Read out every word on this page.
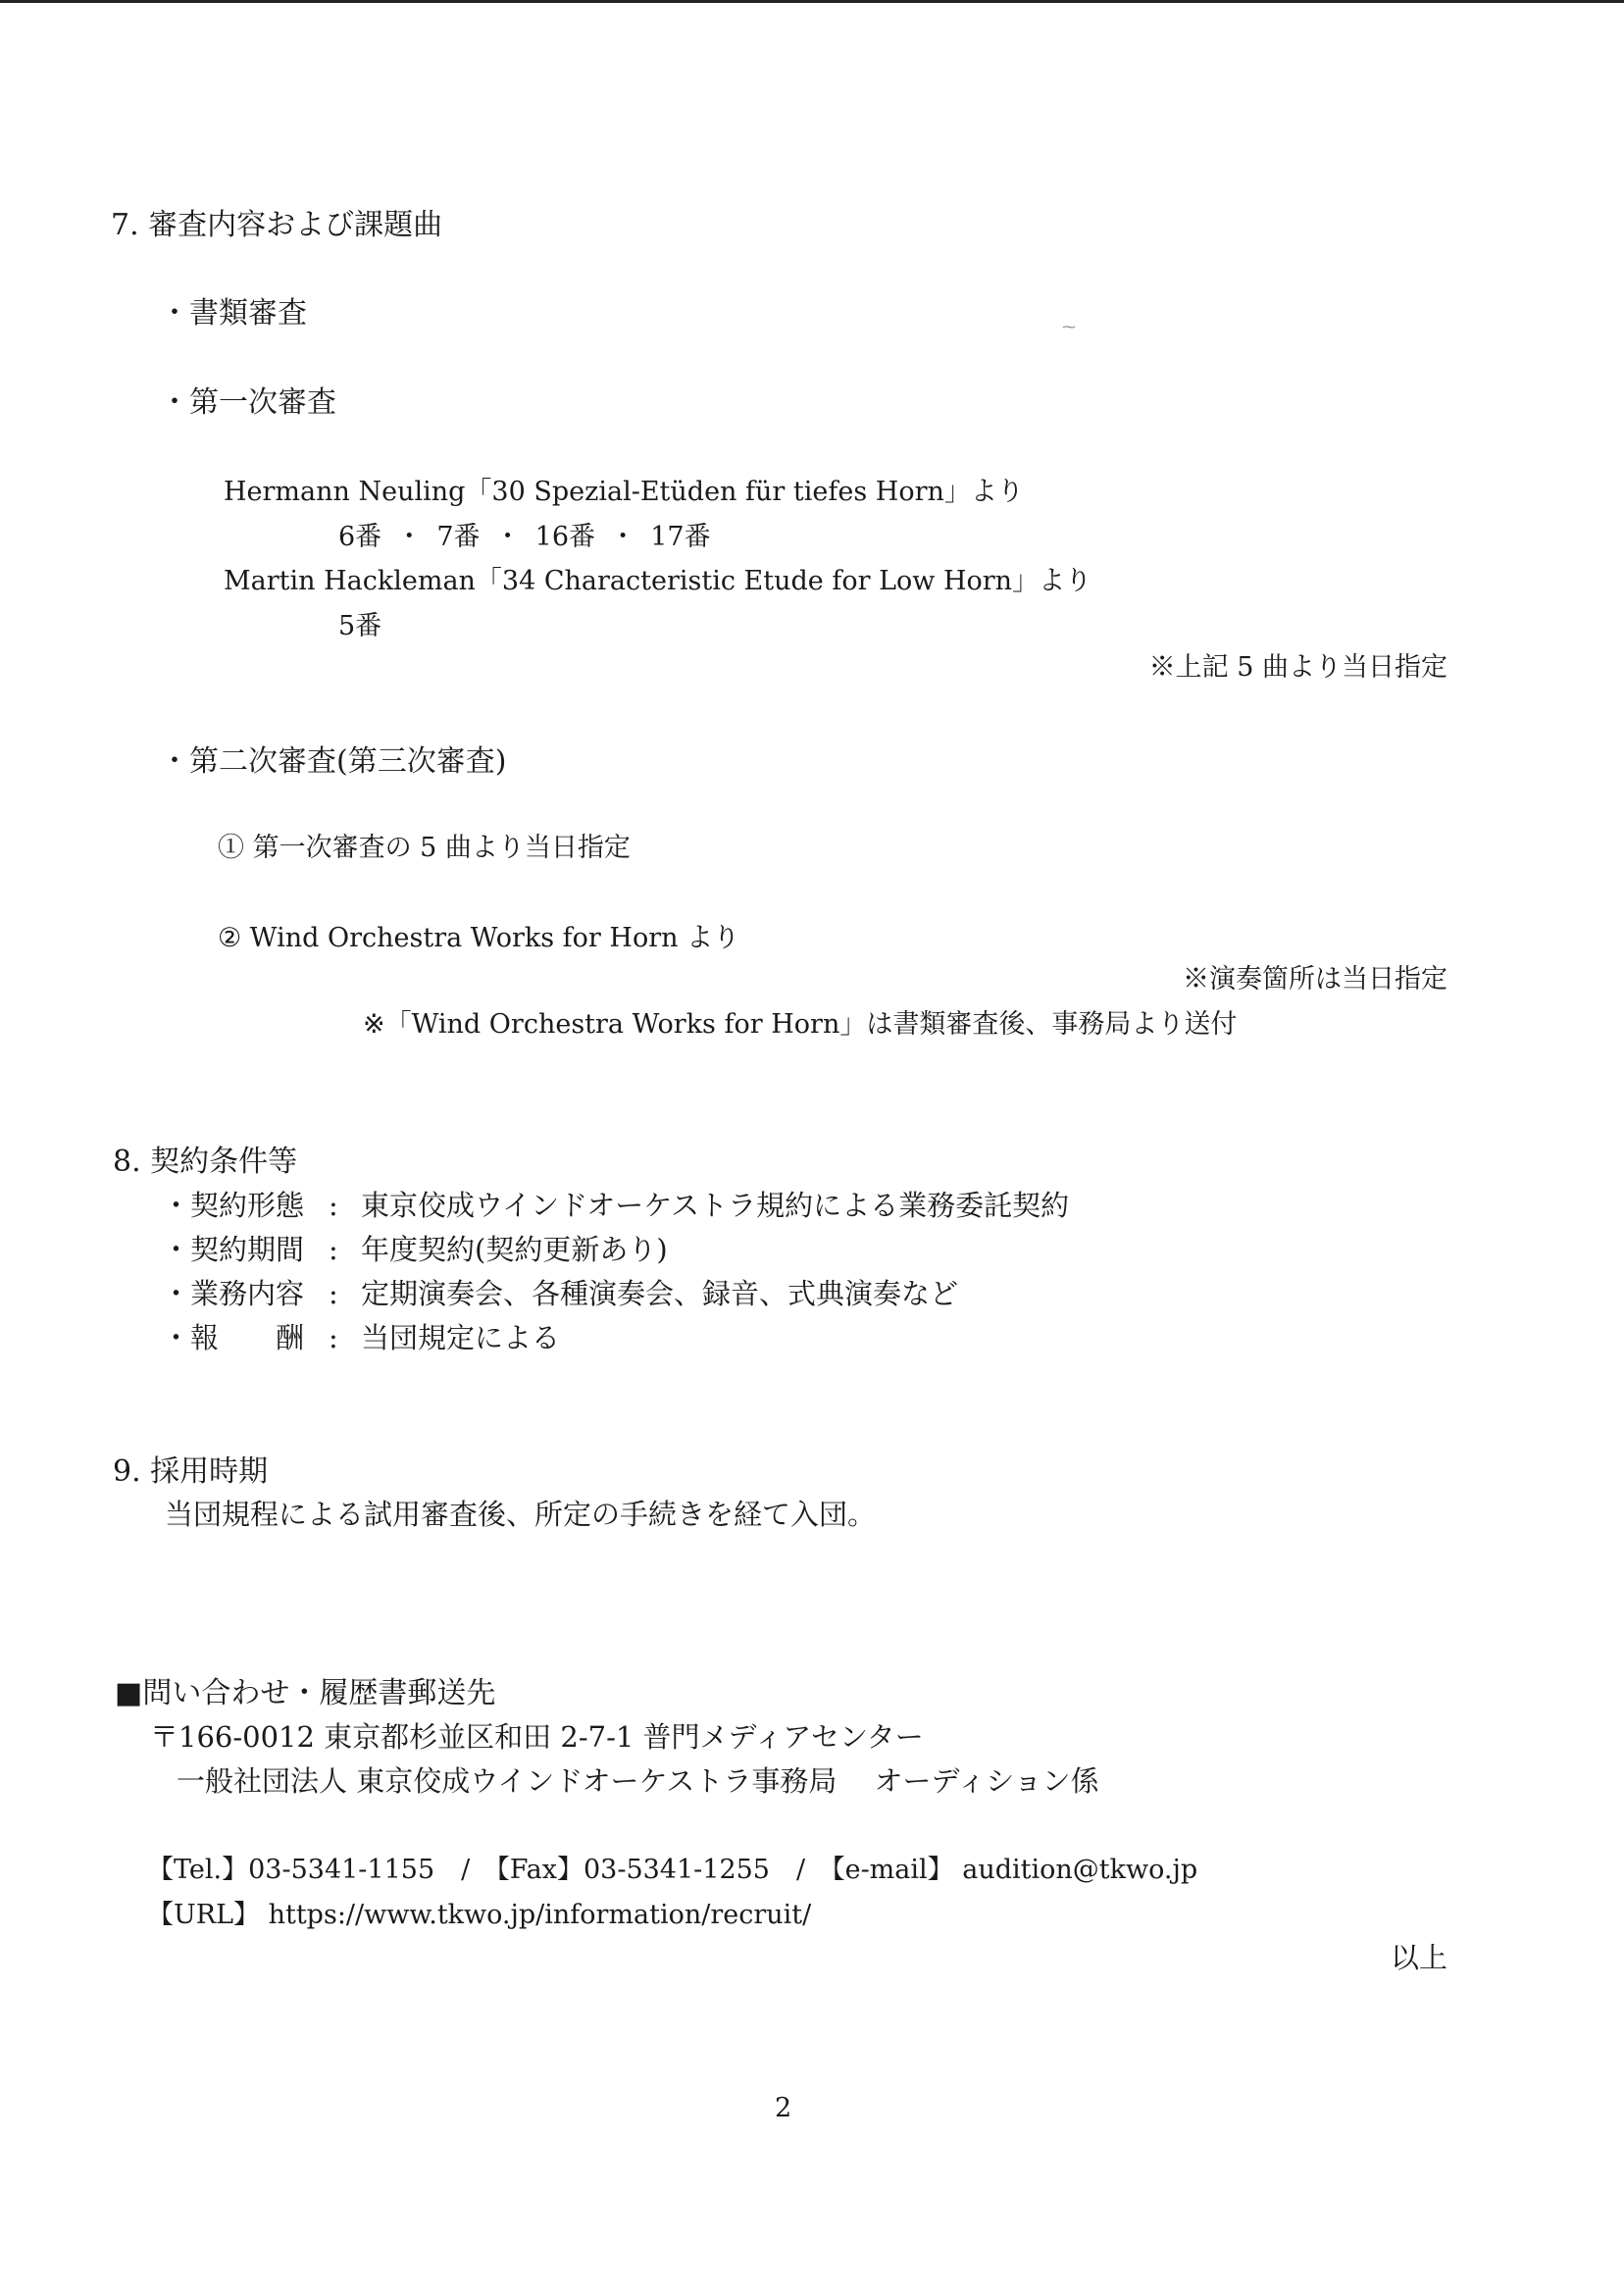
7. 審査内容および課題曲
・書類審査	⁓
・第一次審査
Hermann Neuling「30 Spezial-Etüden für tiefes Horn」より
6番 ・ 7番 ・ 16番 ・ 17番
Martin Hackleman「34 Characteristic Etude for Low Horn」より
5番
※上記 5 曲より当日指定
・第二次審査(第三次審査)
① 第一次審査の 5 曲より当日指定
② Wind Orchestra Works for Horn より
※演奏箇所は当日指定
※「Wind Orchestra Works for Horn」は書類審査後、事務局より送付
8. 契約条件等
・契約形態 : 東京佼成ウインドオーケストラ規約による業務委託契約
・契約期間 : 年度契約(契約更新あり)
・業務内容 : 定期演奏会、各種演奏会、録音、式典演奏など
・報　　酬 : 当団規定による
9. 採用時期
当団規程による試用審査後、所定の手続きを経て入団。
■問い合わせ・履歴書郵送先
〒166-0012 東京都杉並区和田 2-7-1 普門メディアセンター
一般社団法人 東京佼成ウインドオーケストラ事務局　 オーディション係
【Tel.】03-5341-1155　/　【Fax】03-5341-1255　/　【e-mail】 audition@tkwo.jp
【URL】 https://www.tkwo.jp/information/recruit/
以上
2
